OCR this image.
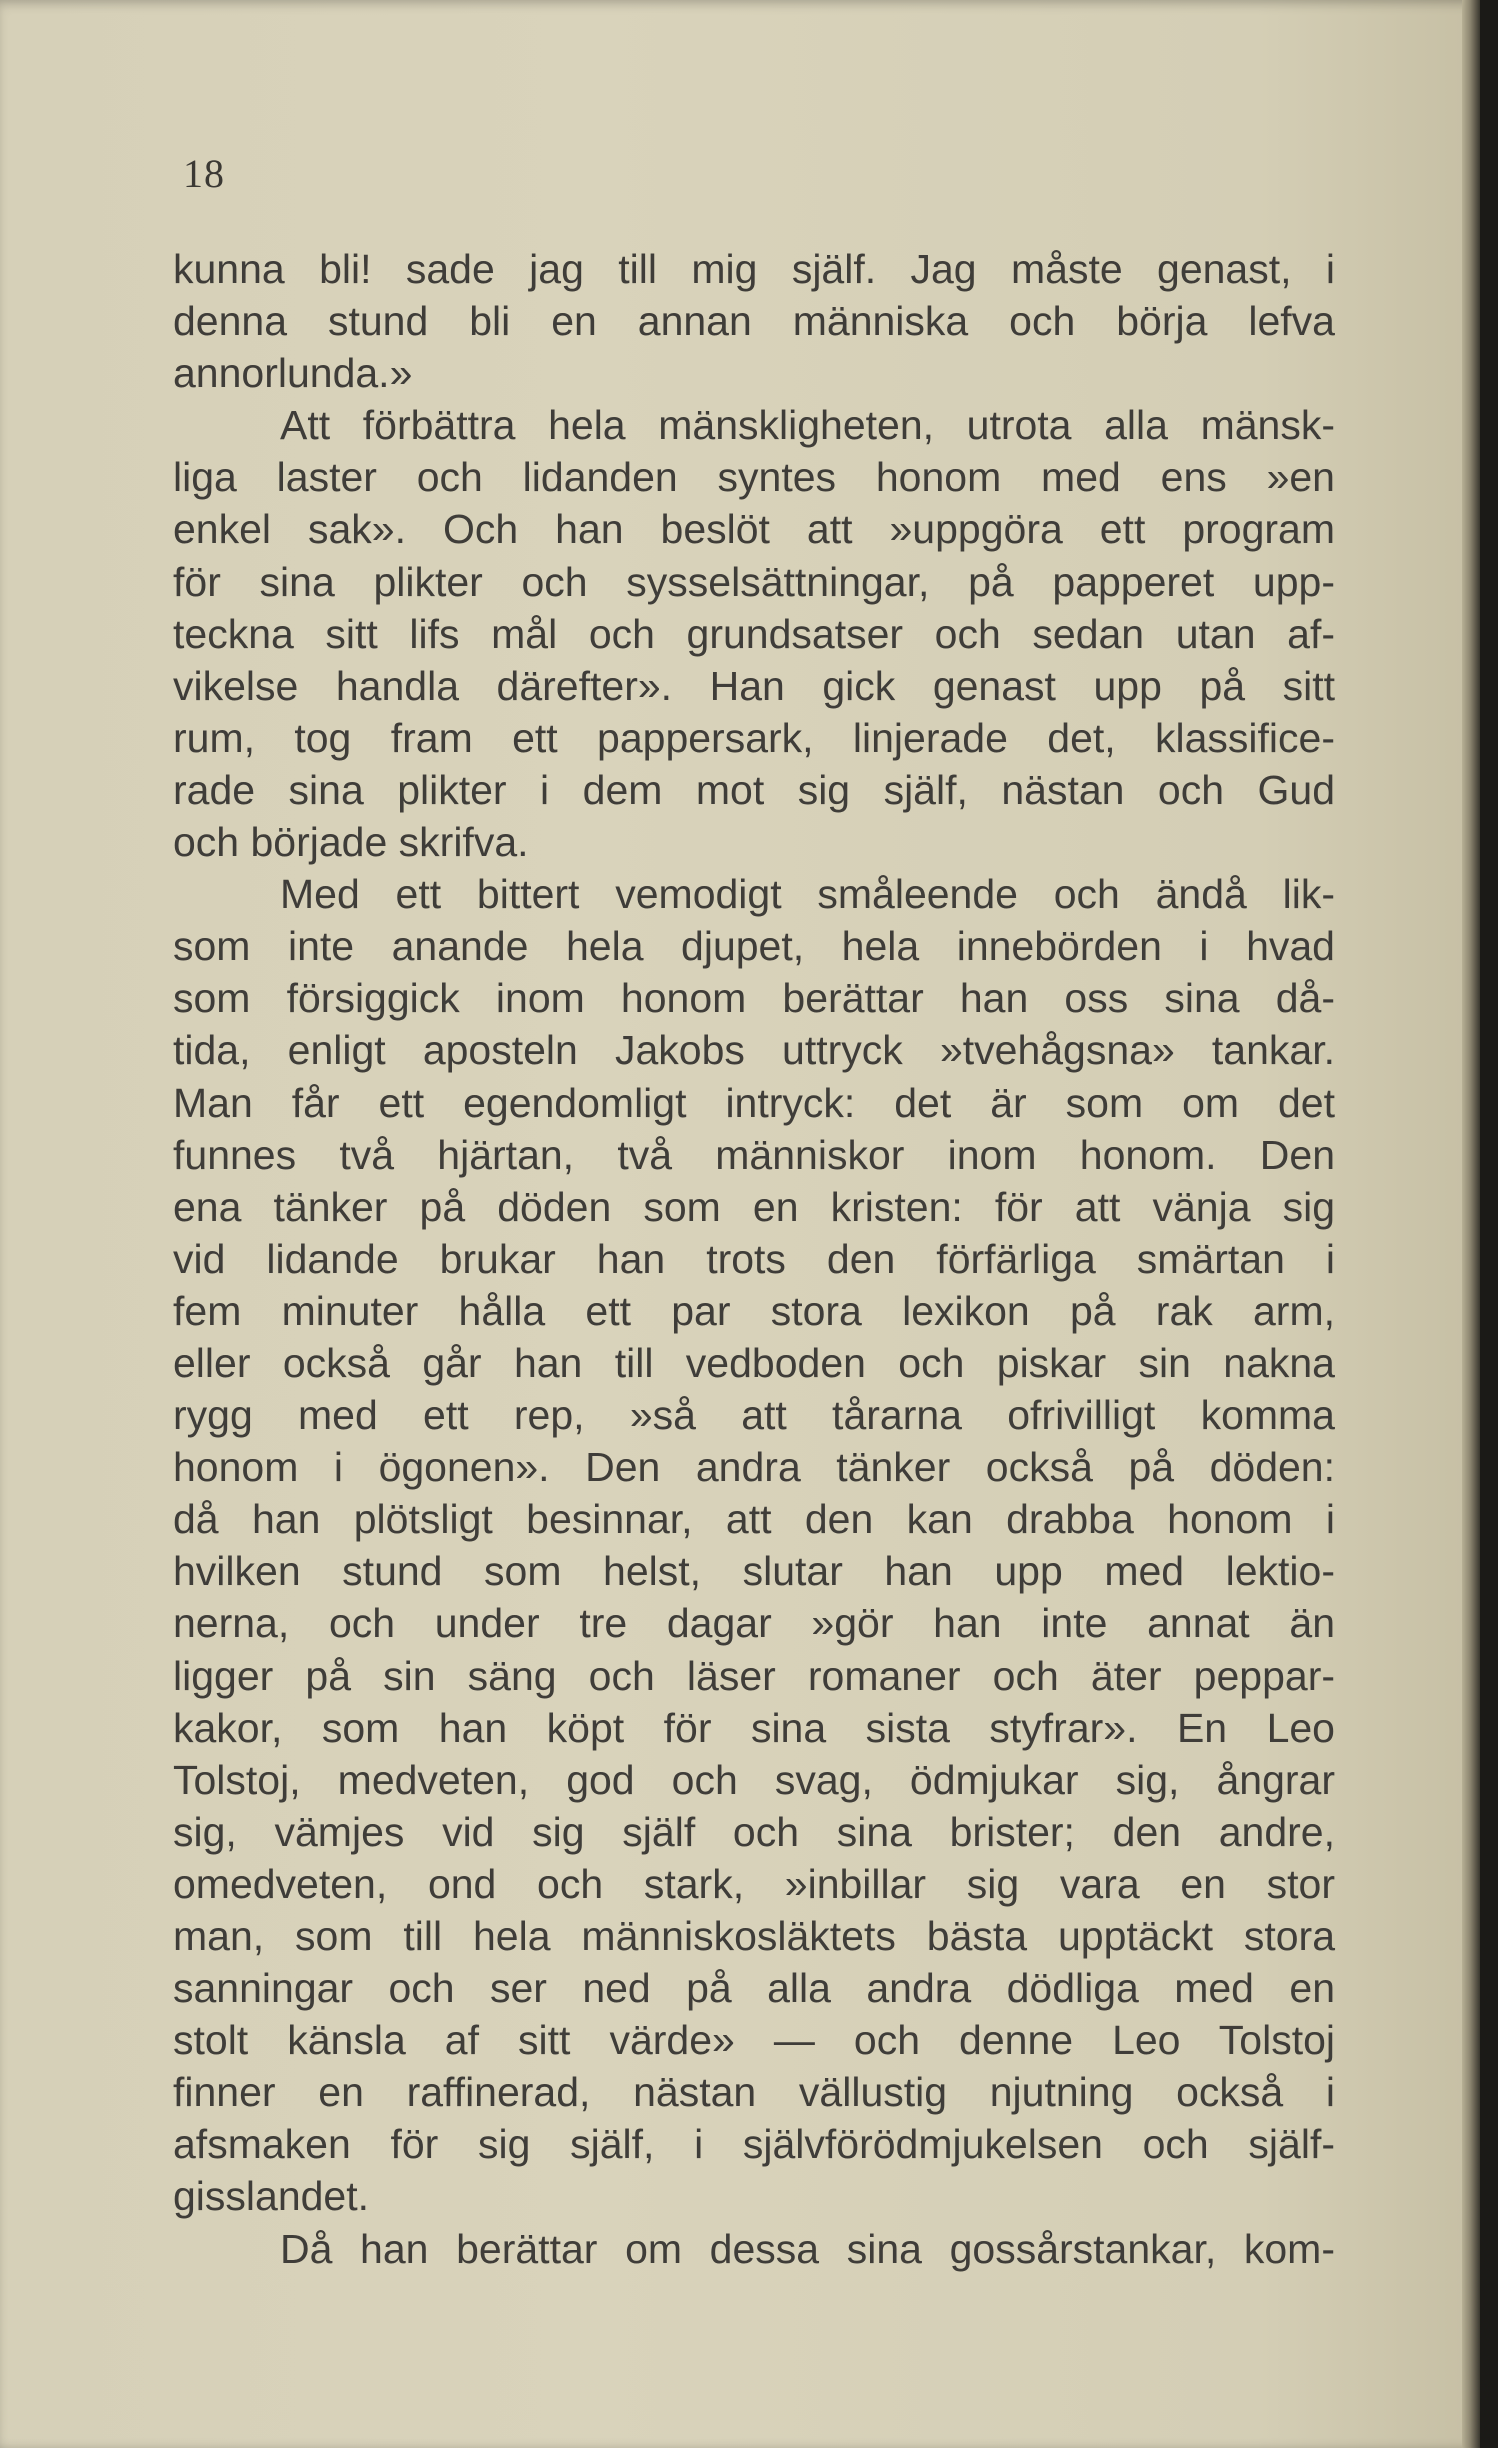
18
kunna bli! sade jag till mig själf. Jag måste genast, i
denna stund bli en annan människa och börja lefva
annorlunda.»
Att förbättra hela mänskligheten, utrota alla mänsk-
liga laster och lidanden syntes honom med ens »en
enkel sak». Och han beslöt att »uppgöra ett program
för sina plikter och sysselsättningar, på papperet upp-
teckna sitt lifs mål och grundsatser och sedan utan af-
vikelse handla därefter». Han gick genast upp på sitt
rum, tog fram ett pappersark, linjerade det, klassifice-
rade sina plikter i dem mot sig själf, nästan och Gud
och började skrifva.
Med ett bittert vemodigt småleende och ändå lik-
som inte anande hela djupet, hela innebörden i hvad
som försiggick inom honom berättar han oss sina då-
tida, enligt aposteln Jakobs uttryck »tvehågsna» tankar.
Man får ett egendomligt intryck: det är som om det
funnes två hjärtan, två människor inom honom. Den
ena tänker på döden som en kristen: för att vänja sig
vid lidande brukar han trots den förfärliga smärtan i
fem minuter hålla ett par stora lexikon på rak arm,
eller också går han till vedboden och piskar sin nakna
rygg med ett rep, »så att tårarna ofrivilligt komma
honom i ögonen». Den andra tänker också på döden:
då han plötsligt besinnar, att den kan drabba honom i
hvilken stund som helst, slutar han upp med lektio-
nerna, och under tre dagar »gör han inte annat än
ligger på sin säng och läser romaner och äter peppar-
kakor, som han köpt för sina sista styfrar». En Leo
Tolstoj, medveten, god och svag, ödmjukar sig, ångrar
sig, vämjes vid sig själf och sina brister; den andre,
omedveten, ond och stark, »inbillar sig vara en stor
man, som till hela människosläktets bästa upptäckt stora
sanningar och ser ned på alla andra dödliga med en
stolt känsla af sitt värde» — och denne Leo Tolstoj
finner en raffinerad, nästan vällustig njutning också i
afsmaken för sig själf, i självförödmjukelsen och själf-
gisslandet.
Då han berättar om dessa sina gossårstankar, kom-
